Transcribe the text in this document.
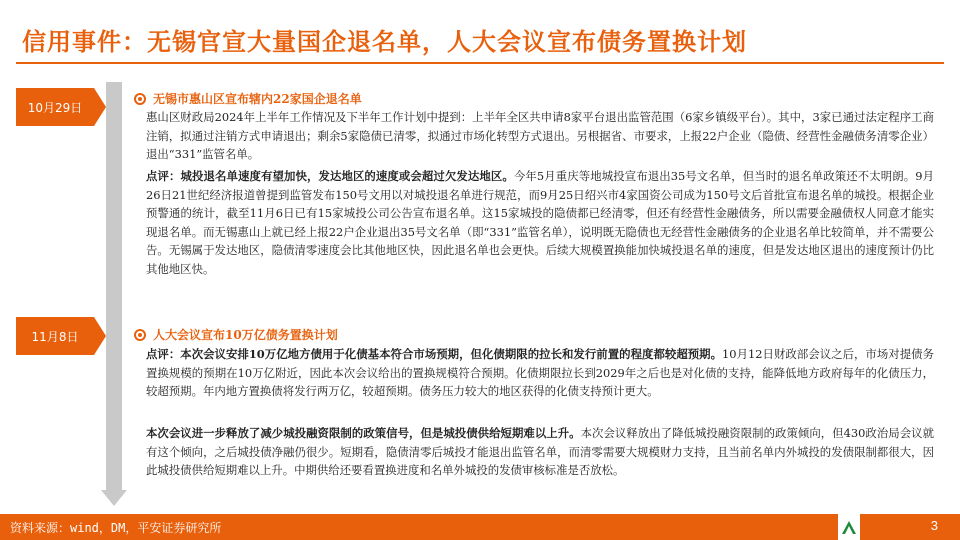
信用事件：无锡官宣大量国企退名单，人大会议宣布债务置换计划
10月29日
11月8日
无锡市惠山区宣布辖内22家国企退名单
惠山区财政局2024年上半年工作情况及下半年工作计划中提到：上半年全区共申请8家平台退出监管范围（6家乡镇级平台）。其中，3家已通过法定程序工商注销，拟通过注销方式申请退出；剩余5家隐债已清零，拟通过市场化转型方式退出。另根据省、市要求，上报22户企业（隐债、经营性金融债务清零企业）退出“331”监管名单。
点评：城投退名单速度有望加快，发达地区的速度或会超过欠发达地区。今年5月重庆等地城投宣布退出35号文名单，但当时的退名单政策还不太明朗。9月26日21世纪经济报道曾提到监管发布150号文用以对城投退名单进行规范，而9月25日绍兴市4家国资公司成为150号文后首批宣布退名单的城投。根据企业预警通的统计，截至11月6日已有15家城投公司公告宣布退名单。这15家城投的隐债都已经清零，但还有经营性金融债务，所以需要金融债权人同意才能实现退名单。而无锡惠山上就已经上报22户企业退出35号文名单（即“331”监管名单），说明既无隐债也无经营性金融债务的企业退名单比较简单，并不需要公告。无锡属于发达地区，隐债清零速度会比其他地区快，因此退名单也会更快。后续大规模置换能加快城投退名单的速度，但是发达地区退出的速度预计仍比其他地区快。
人大会议宣布10万亿债务置换计划
点评：本次会议安排10万亿地方债用于化债基本符合市场预期，但化债期限的拉长和发行前置的程度都较超预期。10月12日财政部会议之后，市场对提债务置换规模的预期在10万亿附近，因此本次会议给出的置换规模符合预期。化债期限拉长到2029年之后也是对化债的支持，能降低地方政府每年的化债压力，较超预期。年内地方置换债将发行两万亿，较超预期。债务压力较大的地区获得的化债支持预计更大。
本次会议进一步释放了减少城投融资限制的政策信号，但是城投债供给短期难以上升。本次会议释放出了降低城投融资限制的政策倾向，但430政治局会议就有这个倾向，之后城投债净融仍很少。短期看，隐债清零后城投才能退出监管名单，而清零需要大规模财力支持，且当前名单内外城投的发债限制都很大，因此城投债供给短期难以上升。中期供给还要看置换进度和名单外城投的发债审核标准是否放松。
资料来源：wind，DM，平安证券研究所	3
